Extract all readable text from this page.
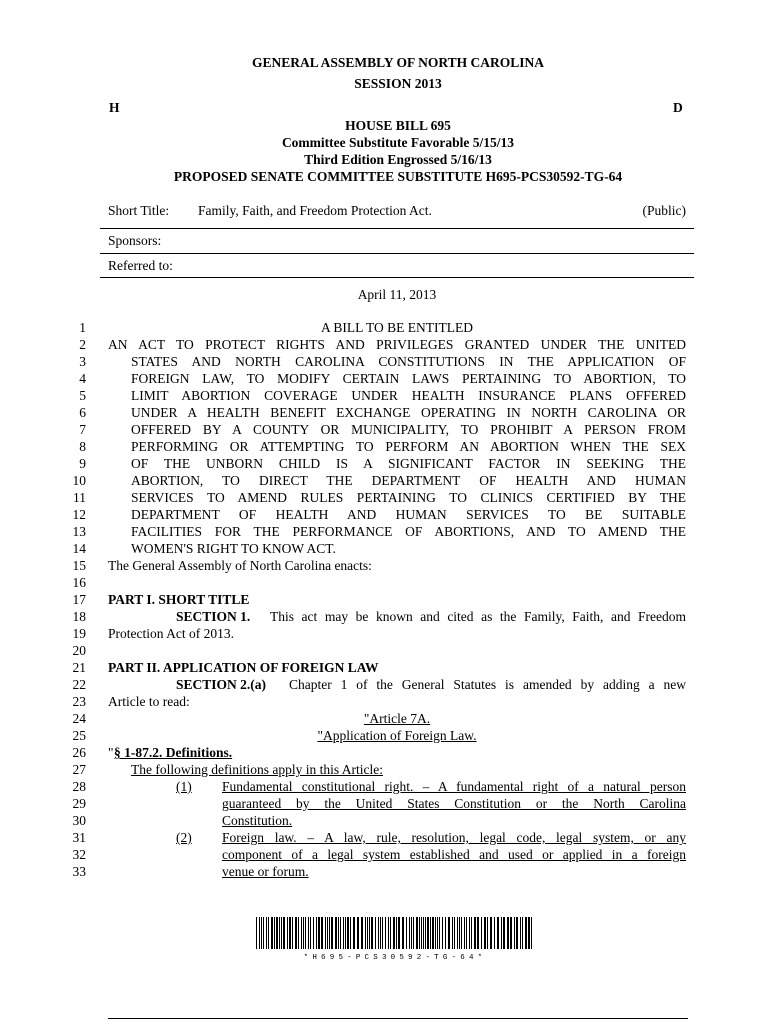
GENERAL ASSEMBLY OF NORTH CAROLINA
SESSION 2013
H	D
HOUSE BILL 695
Committee Substitute Favorable 5/15/13
Third Edition Engrossed 5/16/13
PROPOSED SENATE COMMITTEE SUBSTITUTE H695-PCS30592-TG-64
Short Title: Family, Faith, and Freedom Protection Act.	(Public)
Sponsors:
Referred to:
April 11, 2013
1	A BILL TO BE ENTITLED
2 AN ACT TO PROTECT RIGHTS AND PRIVILEGES GRANTED UNDER THE UNITED
3	STATES AND NORTH CAROLINA CONSTITUTIONS IN THE APPLICATION OF
4	FOREIGN LAW, TO MODIFY CERTAIN LAWS PERTAINING TO ABORTION, TO
5	LIMIT ABORTION COVERAGE UNDER HEALTH INSURANCE PLANS OFFERED
6	UNDER A HEALTH BENEFIT EXCHANGE OPERATING IN NORTH CAROLINA OR
7	OFFERED BY A COUNTY OR MUNICIPALITY, TO PROHIBIT A PERSON FROM
8	PERFORMING OR ATTEMPTING TO PERFORM AN ABORTION WHEN THE SEX
9	OF THE UNBORN CHILD IS A SIGNIFICANT FACTOR IN SEEKING THE
10	ABORTION, TO DIRECT THE DEPARTMENT OF HEALTH AND HUMAN
11	SERVICES TO AMEND RULES PERTAINING TO CLINICS CERTIFIED BY THE
12	DEPARTMENT OF HEALTH AND HUMAN SERVICES TO BE SUITABLE
13	FACILITIES FOR THE PERFORMANCE OF ABORTIONS, AND TO AMEND THE
14	WOMEN'S RIGHT TO KNOW ACT.
15 The General Assembly of North Carolina enacts:
16
17 PART I. SHORT TITLE
18	SECTION 1. This act may be known and cited as the Family, Faith, and Freedom
19 Protection Act of 2013.
20
21 PART II. APPLICATION OF FOREIGN LAW
22	SECTION 2.(a) Chapter 1 of the General Statutes is amended by adding a new
23 Article to read:
24	"Article 7A.
25	"Application of Foreign Law.
26 " § 1-87.2. Definitions.
27	The following definitions apply in this Article:
28	(1) Fundamental constitutional right. – A fundamental right of a natural person
29	guaranteed by the United States Constitution or the North Carolina
30	Constitution.
31	(2) Foreign law. – A law, rule, resolution, legal code, legal system, or any
32	component of a legal system established and used or applied in a foreign
33	venue or forum.
*H695-PCS30592-TG-64*
